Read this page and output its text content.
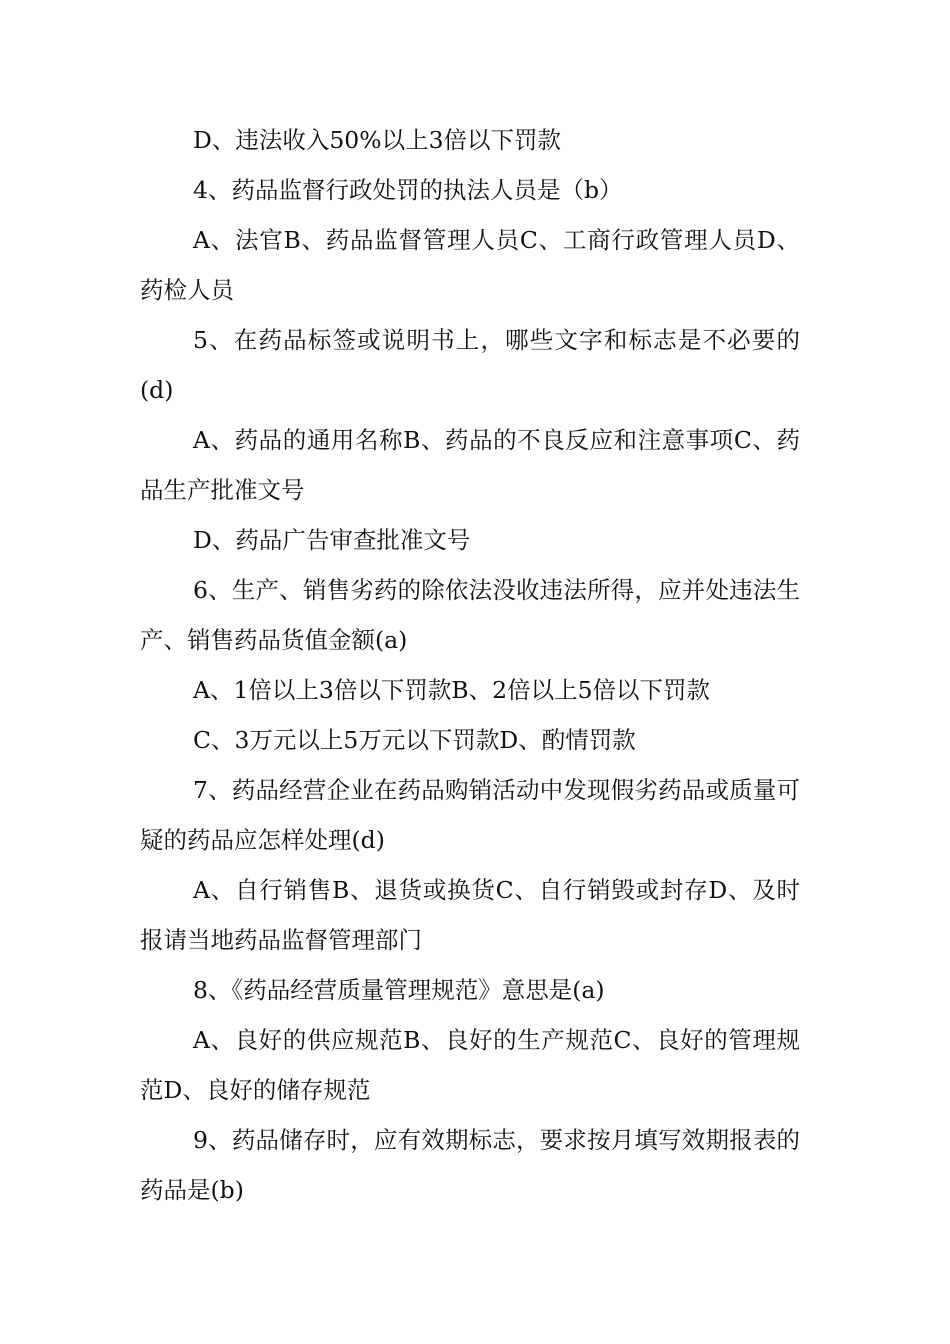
D、违法收入50%以上3倍以下罚款

4、药品监督行政处罚的执法人员是（b）

A、法官B、药品监督管理人员C、工商行政管理人员D、药检人员

5、在药品标签或说明书上，哪些文字和标志是不必要的(d)

A、药品的通用名称B、药品的不良反应和注意事项C、药品生产批准文号

D、药品广告审查批准文号

6、生产、销售劣药的除依法没收违法所得，应并处违法生产、销售药品货值金额(a)

A、1倍以上3倍以下罚款B、2倍以上5倍以下罚款

C、3万元以上5万元以下罚款D、酌情罚款

7、药品经营企业在药品购销活动中发现假劣药品或质量可疑的药品应怎样处理(d)

A、自行销售B、退货或换货C、自行销毁或封存D、及时报请当地药品监督管理部门

8、《药品经营质量管理规范》意思是(a)

A、良好的供应规范B、良好的生产规范C、良好的管理规范D、良好的储存规范

9、药品储存时，应有效期标志，要求按月填写效期报表的药品是(b)
